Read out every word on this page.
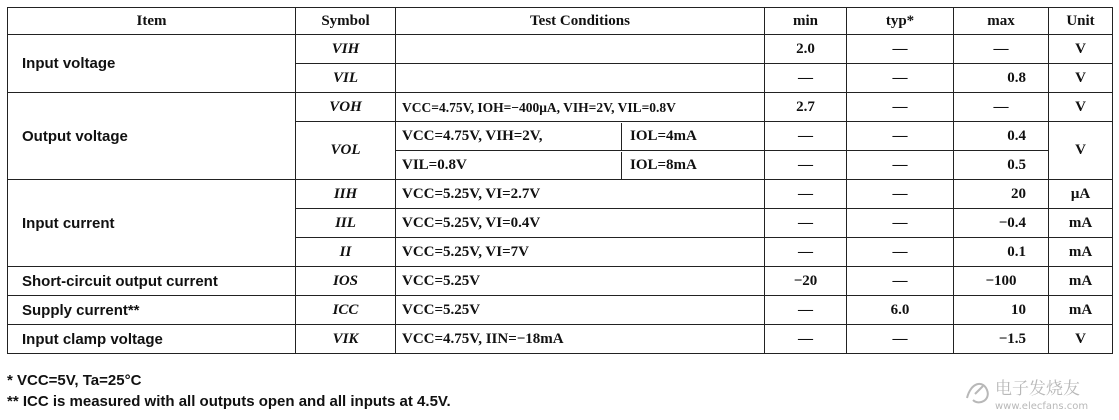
Item	Symbol	Test Conditions	min	typ*	max	Unit
Input voltage	VIH		2.0	—	—	V
	VIL		—	—	0.8	V
Output voltage	VOH	VCC=4.75V, IOH=−400μA, VIH=2V, VIL=0.8V	2.7	—	—	V
	VOL	VCC=4.75V, VIH=2V, IOL=4mA	—	—	0.4	V

		VIL=0.8V IOL=8mA	—	—	0.5	
Input current	IIH	VCC=5.25V, VI=2.7V	—	—	20	μA
	IIL	VCC=5.25V, VI=0.4V	—	—	−0.4	mA
	II	VCC=5.25V, VI=7V	—	—	0.1	mA
Short-circuit output current	IOS	VCC=5.25V	−20	—	−100	mA
Supply current**	ICC	VCC=5.25V	—	6.0	10	mA
Input clamp voltage	VIK	VCC=4.75V, IIN=−18mA	—	—	−1.5	V
* VCC=5V, Ta=25°C
** ICC is measured with all outputs open and all inputs at 4.5V.
电子发烧友
www.elecfans.com
